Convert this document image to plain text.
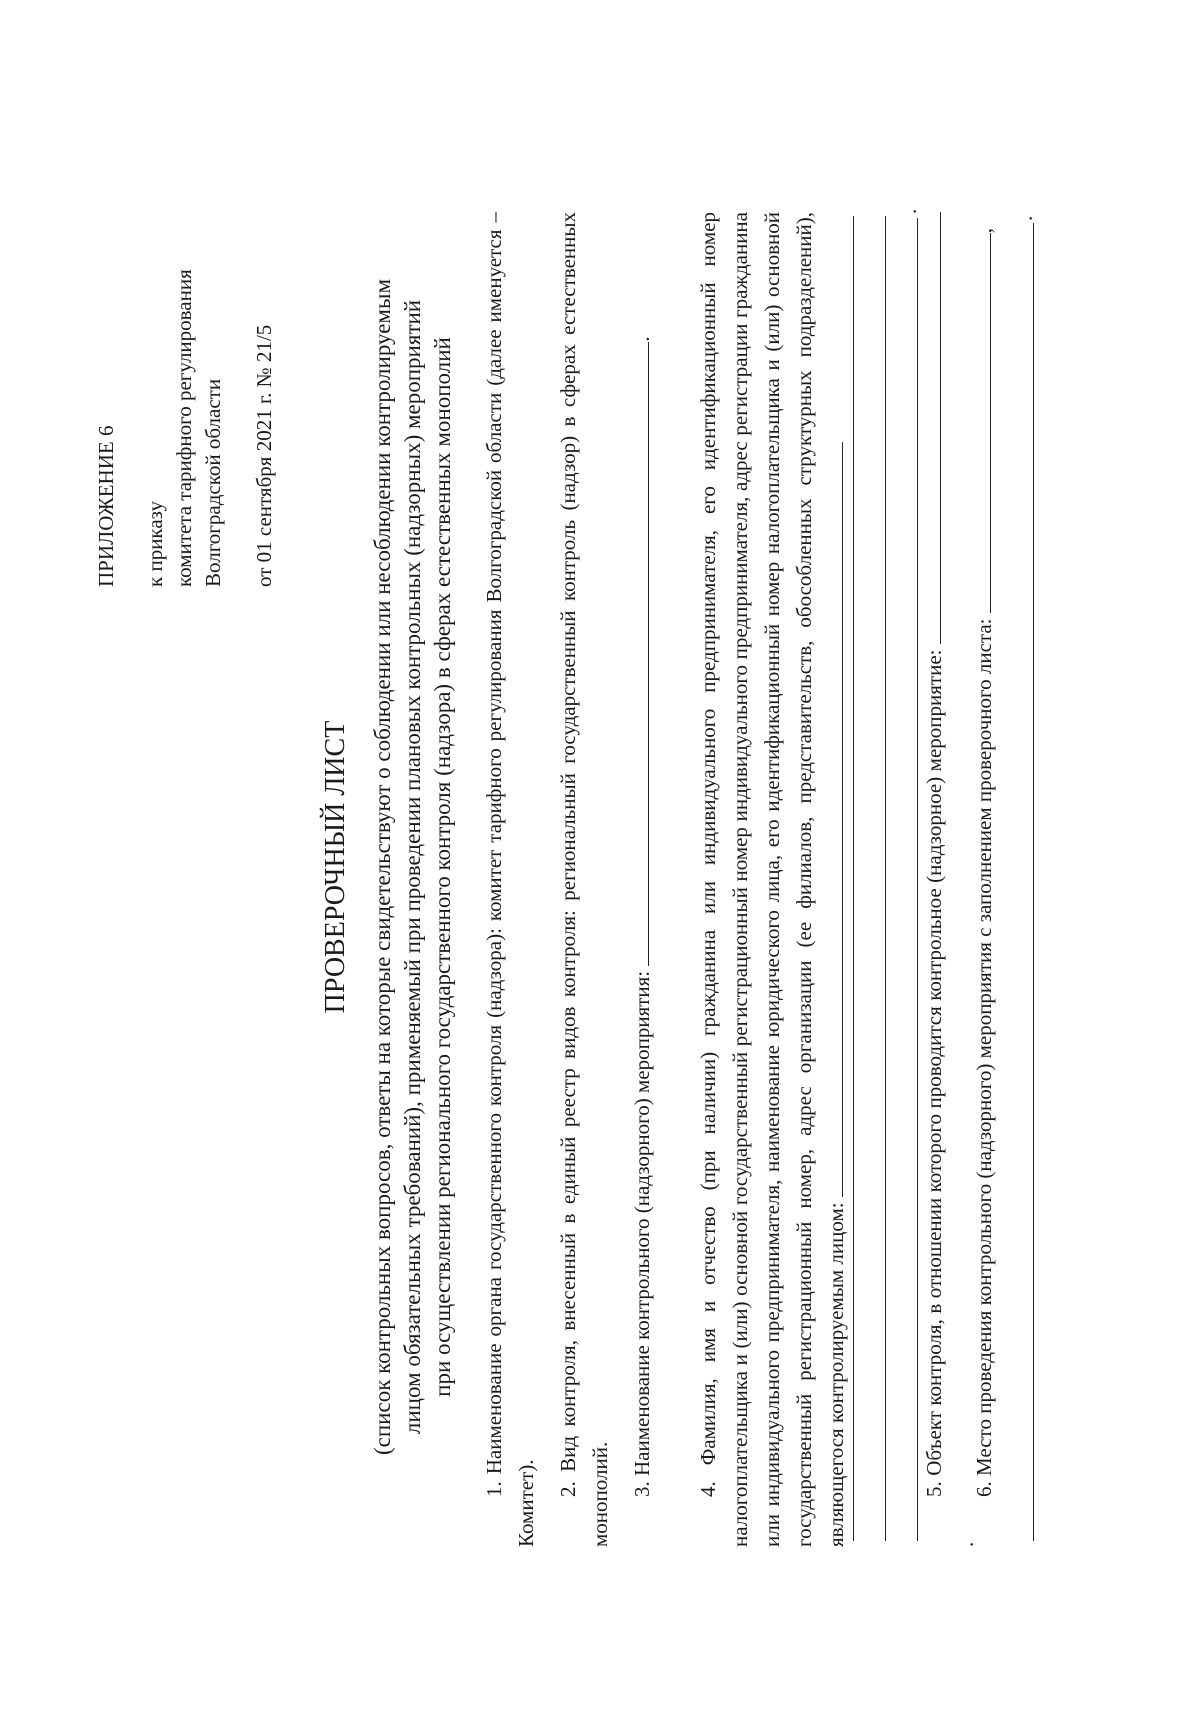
ПРИЛОЖЕНИЕ 6 к приказу комитета тарифного регулирования Волгоградской области от 01 сентября 2021 г. № 21/5
ПРОВЕРОЧНЫЙ ЛИСТ (список контрольных вопросов, ответы на которые свидетельствуют о соблюдении или несоблюдении контролируемым лицом обязательных требований), применяемый при проведении плановых контрольных (надзорных) мероприятий при осуществлении регионального государственного контроля (надзора) в сферах естественных монополий 1. Наименование органа государственного контроля (надзора): комитет тарифного регулирования Волгоградской области (далее именуется – Комитет).

2. Вид контроля, внесенный в единый реестр видов контроля: региональный государственный контроль (надзор) в сферах естественных монополий. 3. Наименование контрольного (надзорного) мероприятия: . 4. Фамилия, имя и отчество (при наличии) гражданина или индивидуального предпринимателя, его идентификационный номер налогоплательщика и (или) основной государственный регистрационный номер индивидуального предпринимателя, адрес регистрации гражданина или индивидуального предпринимателя, наименование юридического лица, его идентификационный номер налогоплательщика и (или) основной государственный регистрационный номер, адрес организации (ее филиалов, представительств, обособленных структурных подразделений), являющегося контролируемым лицом:

.

5. Объект контроля, в отношении которого проводится контрольное (надзорное) мероприятие: .

6. Место проведения контрольного (надзорного) мероприятия с заполнением проверочного листа: ,

.
